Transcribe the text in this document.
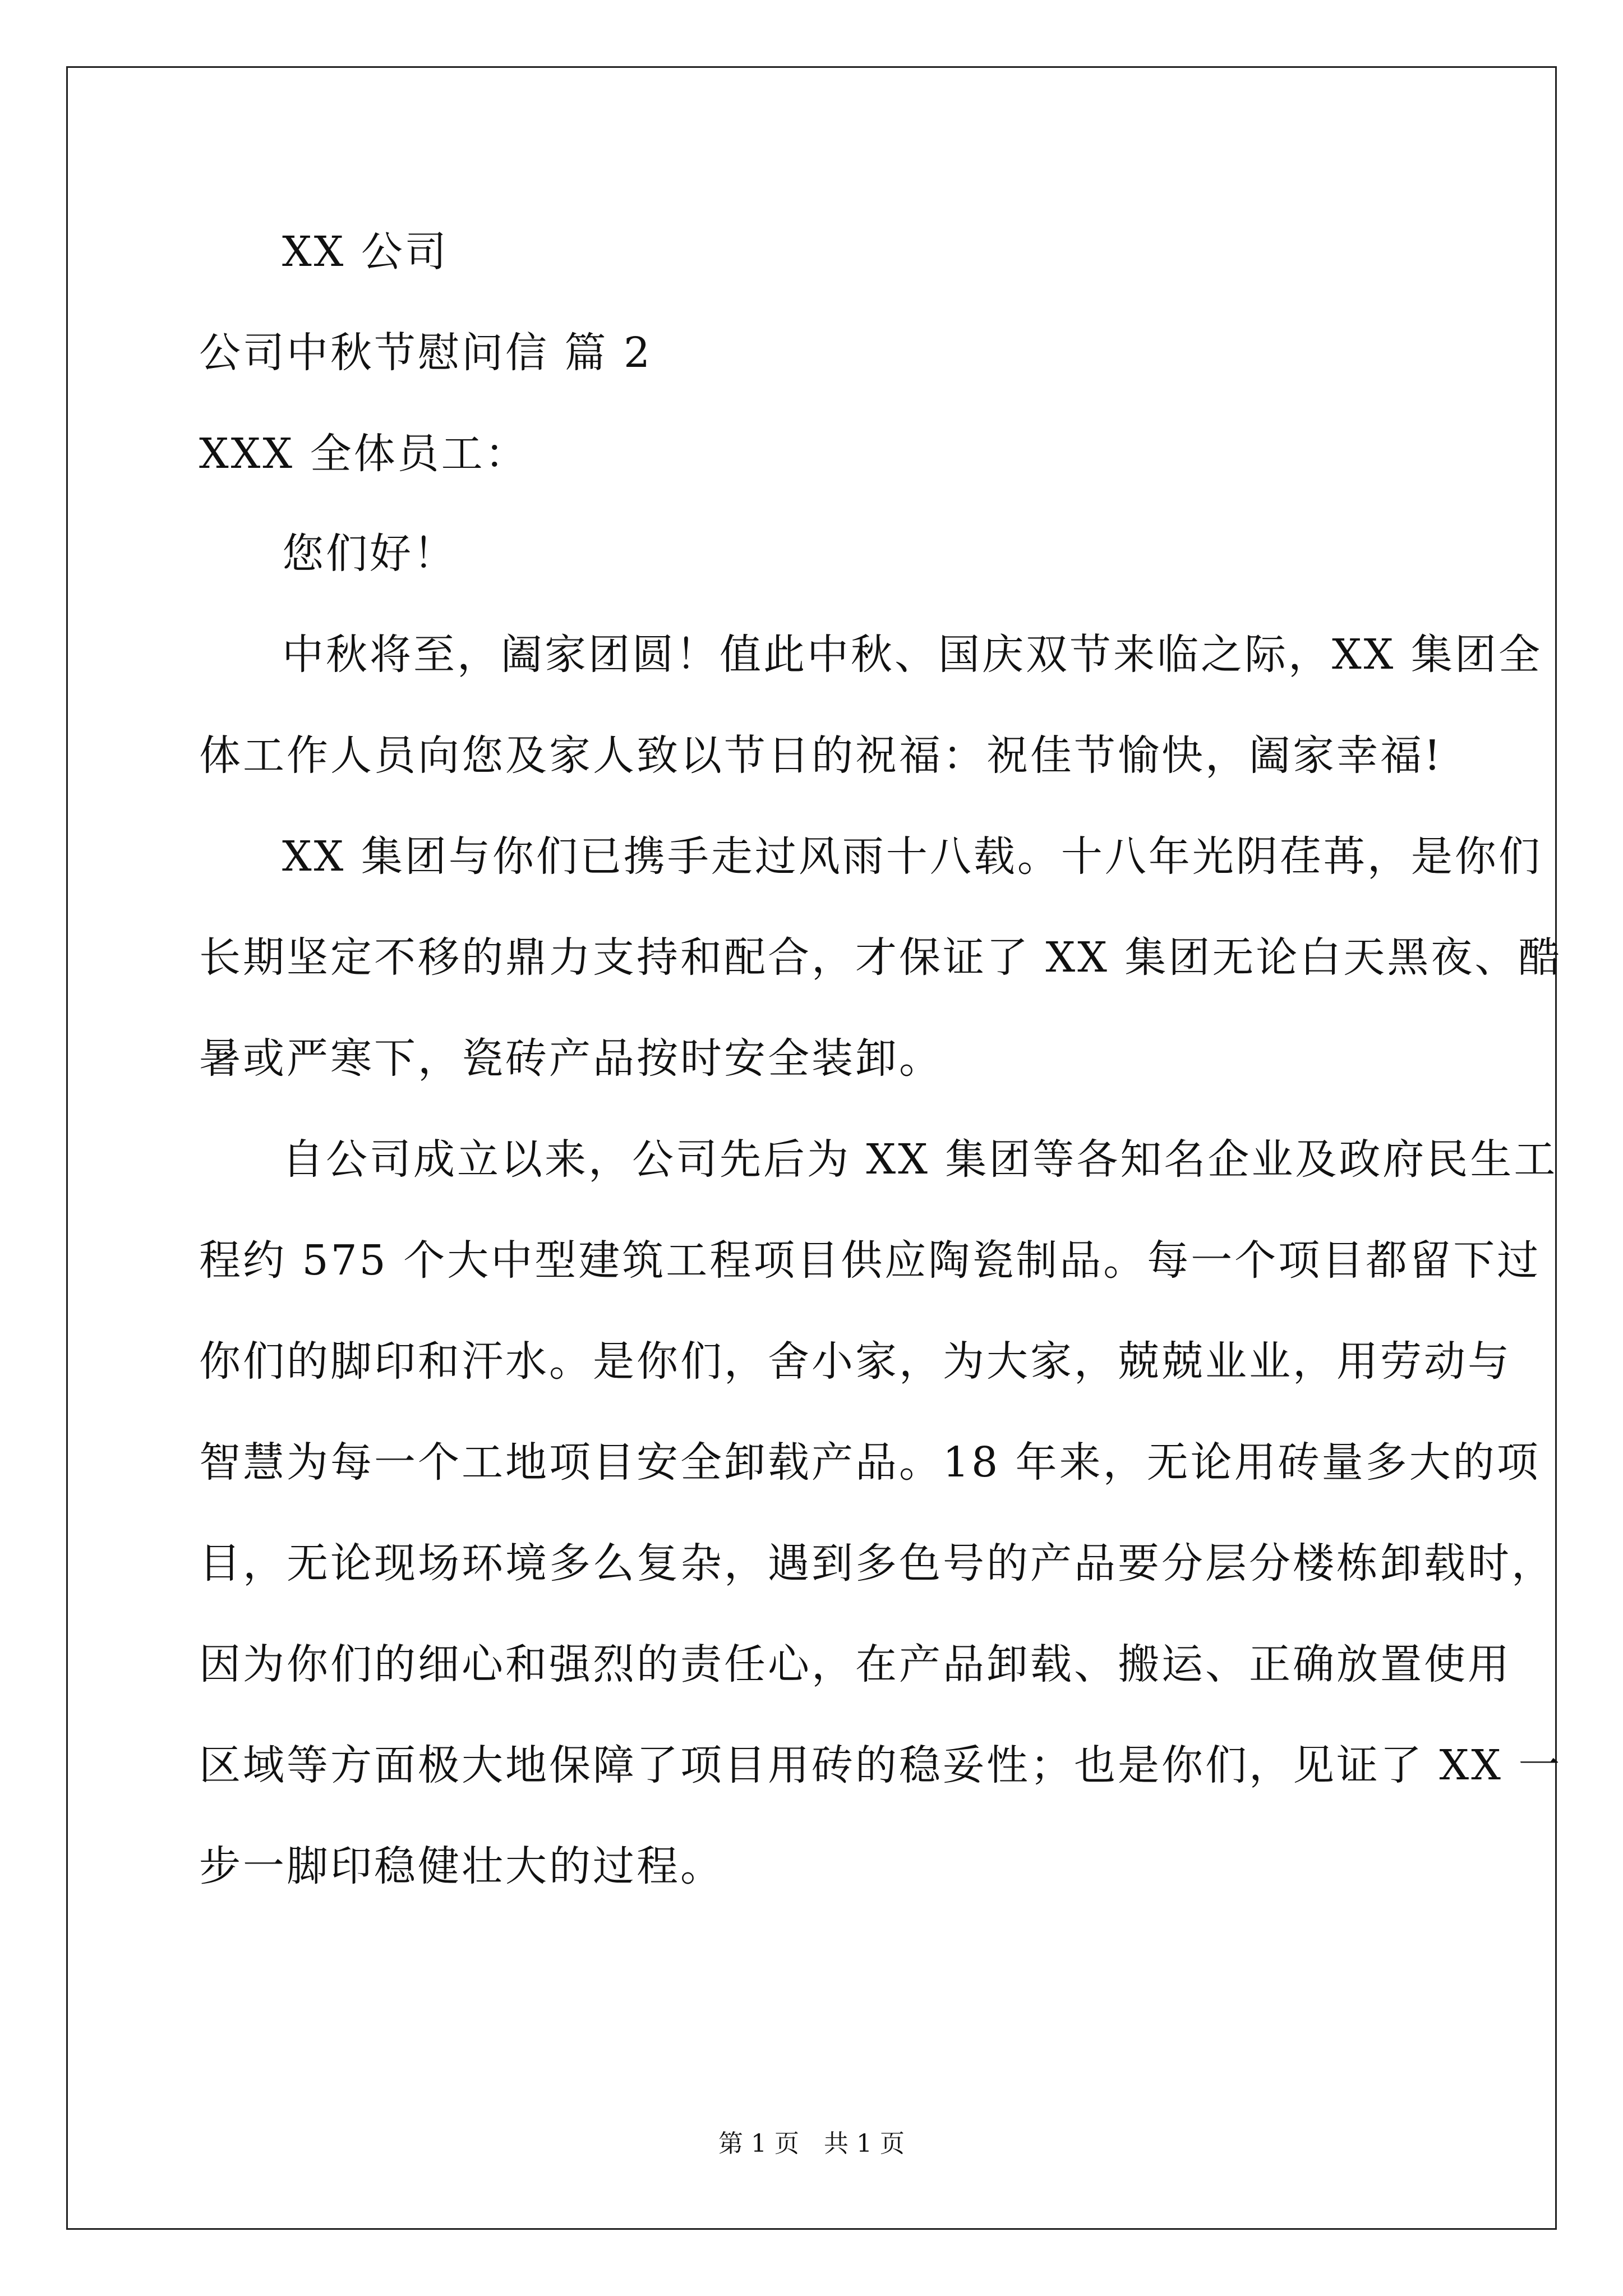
XX 公司
公司中秋节慰问信 篇 2
XXX 全体员工：
您们好！
中秋将至，阖家团圆！值此中秋、国庆双节来临之际，XX 集团全
体工作人员向您及家人致以节日的祝福：祝佳节愉快，阖家幸福!
XX 集团与你们已携手走过风雨十八载。十八年光阴荏苒，是你们
长期坚定不移的鼎力支持和配合，才保证了 XX 集团无论白天黑夜、酷
暑或严寒下，瓷砖产品按时安全装卸。
自公司成立以来，公司先后为 XX 集团等各知名企业及政府民生工
程约 575 个大中型建筑工程项目供应陶瓷制品。每一个项目都留下过
你们的脚印和汗水。是你们，舍小家，为大家，兢兢业业，用劳动与
智慧为每一个工地项目安全卸载产品。18 年来，无论用砖量多大的项
目，无论现场环境多么复杂，遇到多色号的产品要分层分楼栋卸载时，
因为你们的细心和强烈的责任心，在产品卸载、搬运、正确放置使用
区域等方面极大地保障了项目用砖的稳妥性；也是你们，见证了 XX 一
步一脚印稳健壮大的过程。
第 1 页　共 1 页
